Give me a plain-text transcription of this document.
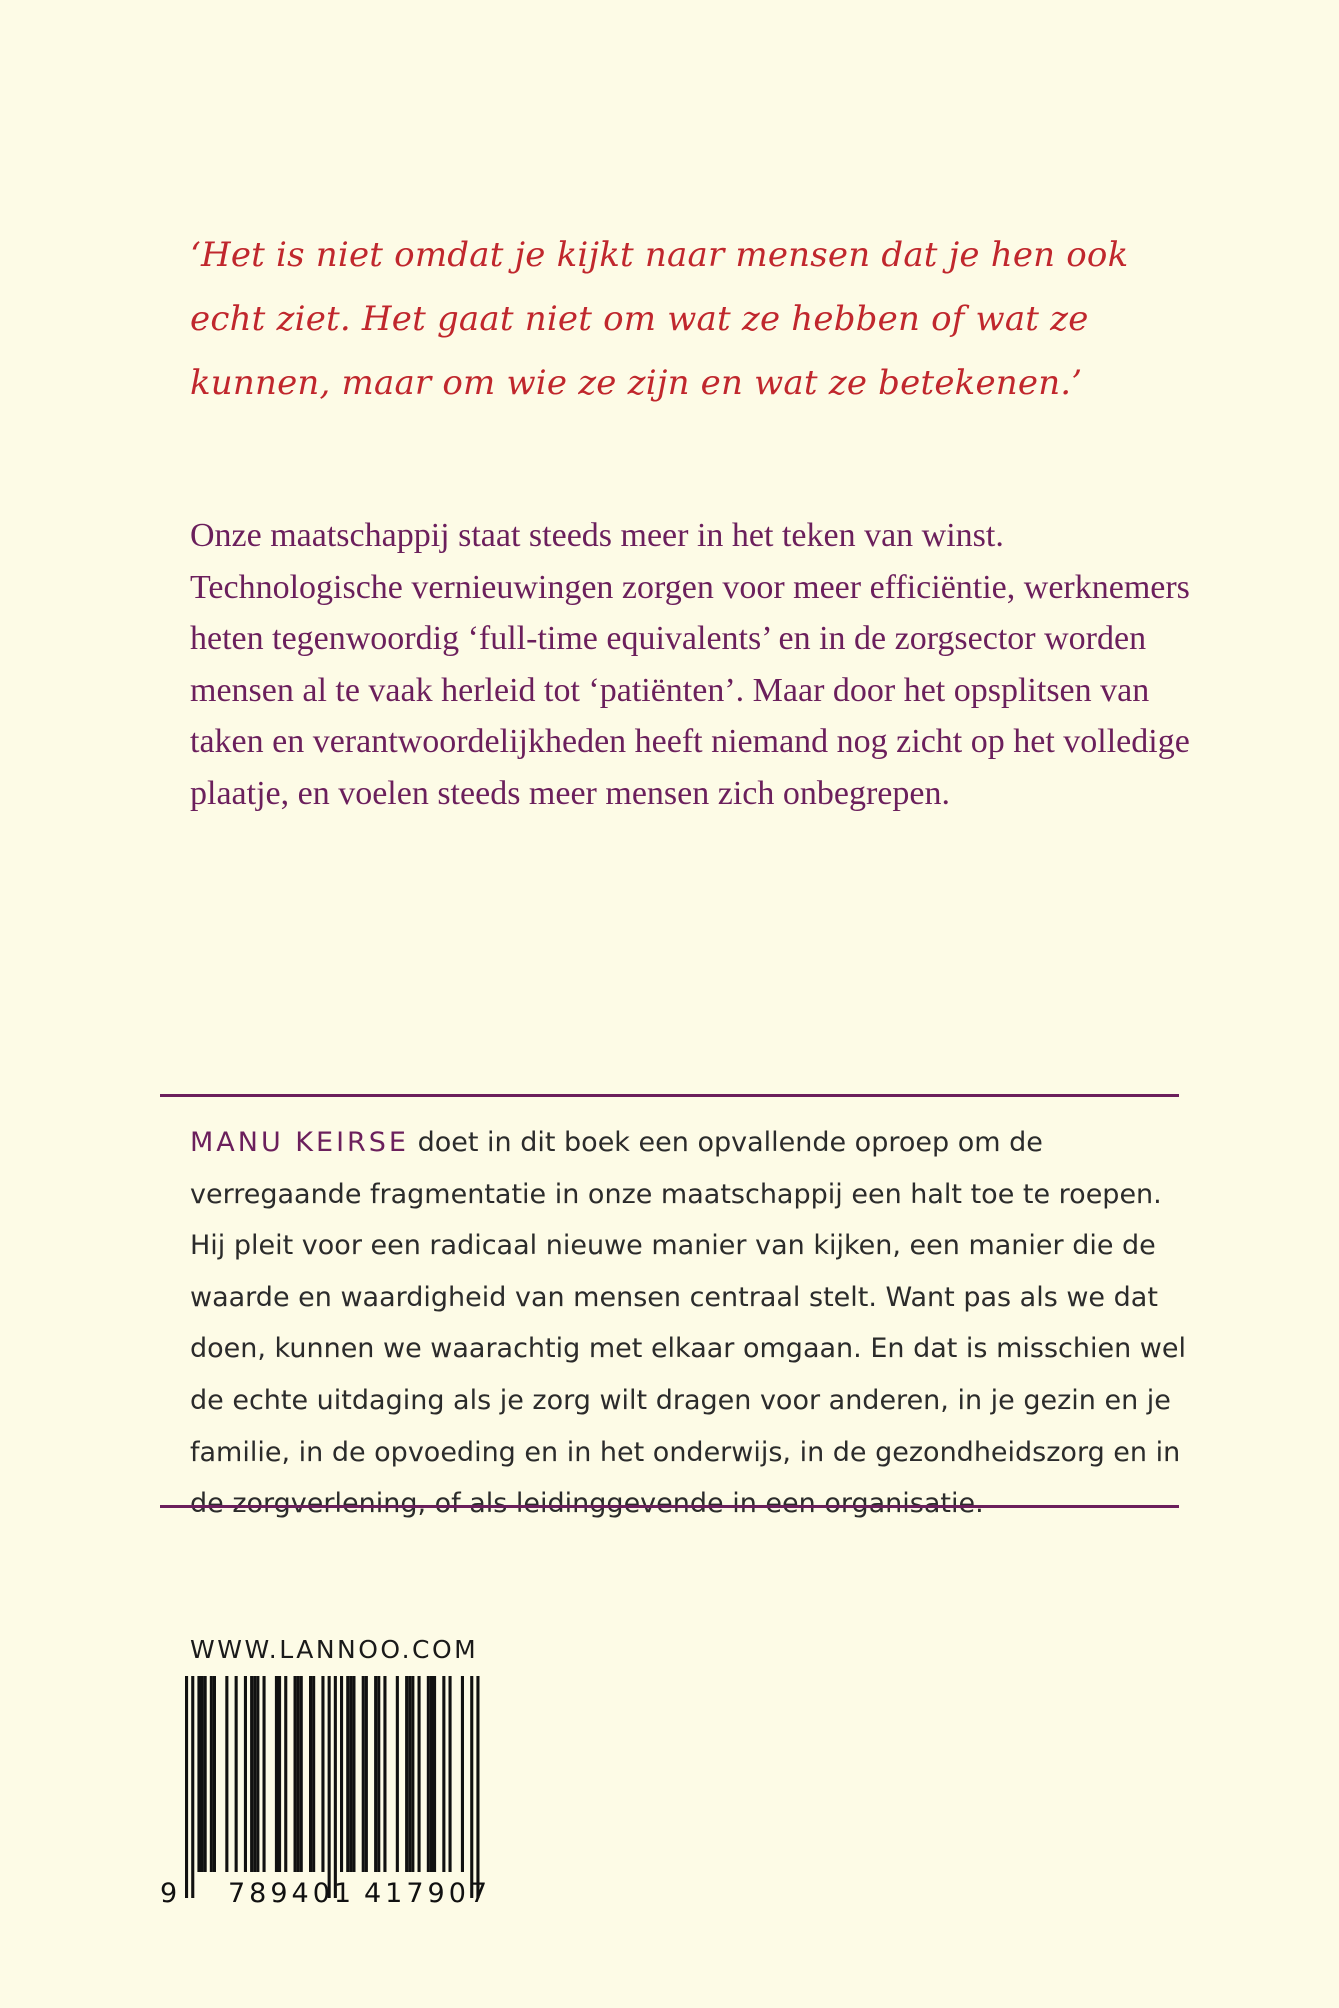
‘Het is niet omdat je kijkt naar mensen dat je hen ook echt ziet. Het gaat niet om wat ze hebben of wat ze kunnen, maar om wie ze zijn en wat ze betekenen.’

Onze maatschappij staat steeds meer in het teken van winst. Technologische vernieuwingen zorgen voor meer efficiëntie, werknemers heten tegenwoordig ‘full-time equivalents’ en in de zorgsector worden mensen al te vaak herleid tot ‘patiënten’. Maar door het opsplitsen van taken en verantwoordelijkheden heeft niemand nog zicht op het volledige plaatje, en voelen steeds meer mensen zich onbegrepen.

MANU KEIRSE doet in dit boek een opvallende oproep om de verregaande fragmentatie in onze maatschappij een halt toe te roepen. Hij pleit voor een radicaal nieuwe manier van kijken, een manier die de waarde en waardigheid van mensen centraal stelt. Want pas als we dat doen, kunnen we waarachtig met elkaar omgaan. En dat is misschien wel de echte uitdaging als je zorg wilt dragen voor anderen, in je gezin en je familie, in de opvoeding en in het onderwijs, in de gezondheidszorg en in de zorgverlening, of als leidinggevende in een organisatie.

WWW.LANNOO.COM

9 789401 417907
